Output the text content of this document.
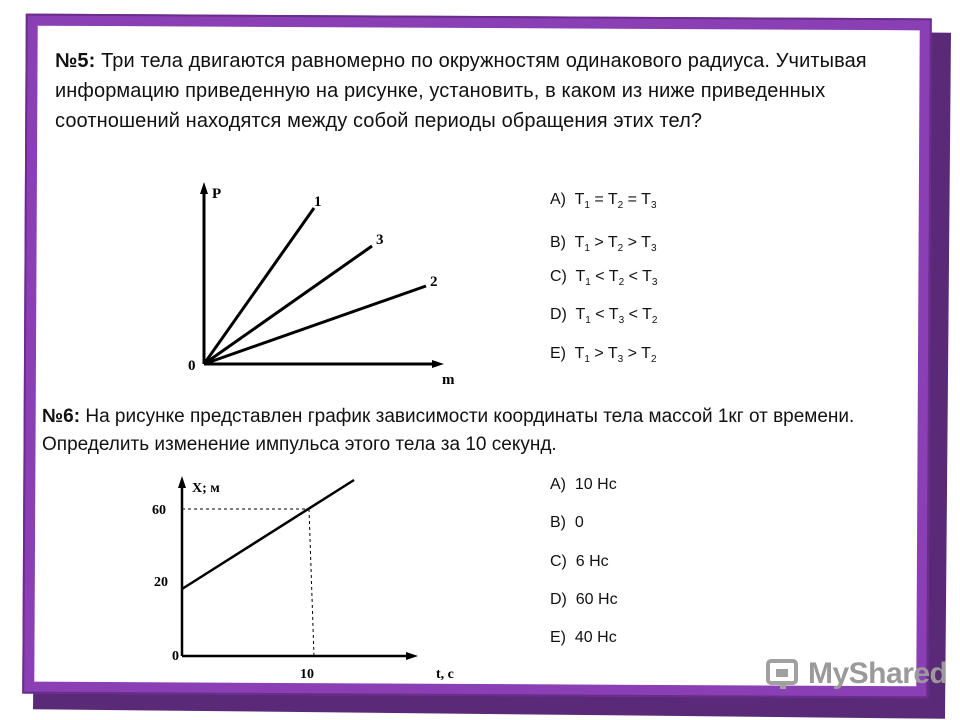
№5: Три тела двигаются равномерно по окружностям одинакового радиуса. Учитывая информацию приведенную на рисунке, установить, в каком из ниже приведенных соотношений находятся между собой периоды обращения этих тел?
P
m
0
1
3
2
A) $T_1 = T_2 = T_3$
B) $T_1 > T_2 > T_3$
C) $T_1 < T_2 < T_3$
D) $T_1 < T_3 < T_2$
E) $T_1 > T_3 > T_2$
№6: На рисунке представлен график зависимости координаты тела массой 1кг от времени. Определить изменение импульса этого тела за 10 секунд.
X; м
t, c
60
20
0
10
A) 10 Нс
B) 0
C) 6 Нс
D) 60 Нс
E) 40 Нс
MyShared
